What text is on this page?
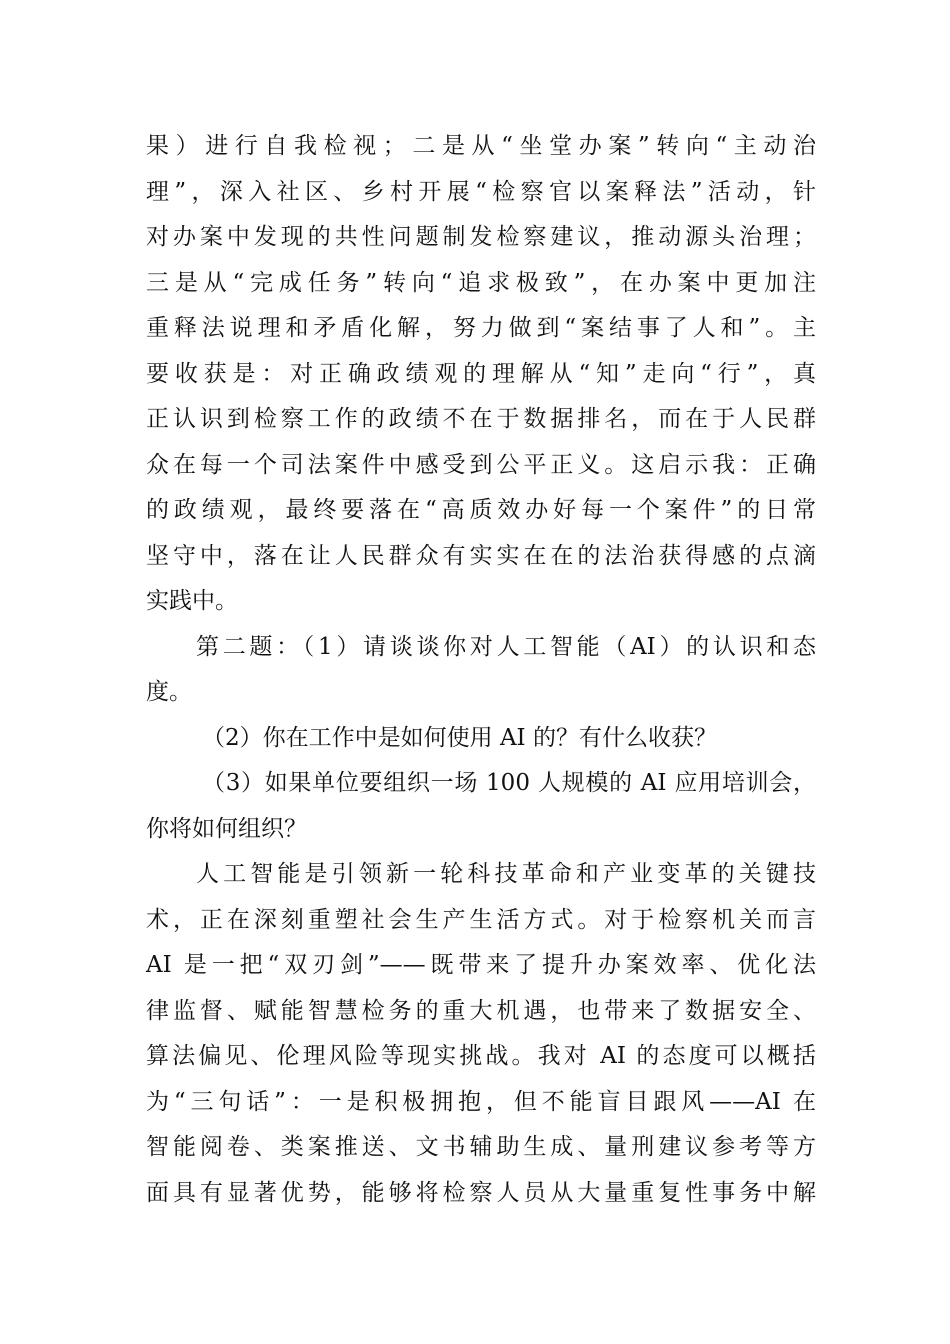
果）进行自我检视；二是从“坐堂办案”转向“主动治
理”，深入社区、乡村开展“检察官以案释法”活动，针
对办案中发现的共性问题制发检察建议，推动源头治理；
三是从“完成任务”转向“追求极致”，在办案中更加注
重释法说理和矛盾化解，努力做到“案结事了人和”。主
要收获是：对正确政绩观的理解从“知”走向“行”，真
正认识到检察工作的政绩不在于数据排名，而在于人民群
众在每一个司法案件中感受到公平正义。这启示我：正确
的政绩观，最终要落在“高质效办好每一个案件”的日常
坚守中，落在让人民群众有实实在在的法治获得感的点滴
实践中。
第二题：（1）请谈谈你对人工智能（AI）的认识和态
度。
（2）你在工作中是如何使用 AI 的？有什么收获？
（3）如果单位要组织一场 100 人规模的 AI 应用培训会，
你将如何组织？
人工智能是引领新一轮科技革命和产业变革的关键技
术，正在深刻重塑社会生产生活方式。对于检察机关而言
AI 是一把“双刃剑”——既带来了提升办案效率、优化法
律监督、赋能智慧检务的重大机遇，也带来了数据安全、
算法偏见、伦理风险等现实挑战。我对 AI 的态度可以概括
为“三句话”：一是积极拥抱，但不能盲目跟风——AI 在
智能阅卷、类案推送、文书辅助生成、量刑建议参考等方
面具有显著优势，能够将检察人员从大量重复性事务中解
